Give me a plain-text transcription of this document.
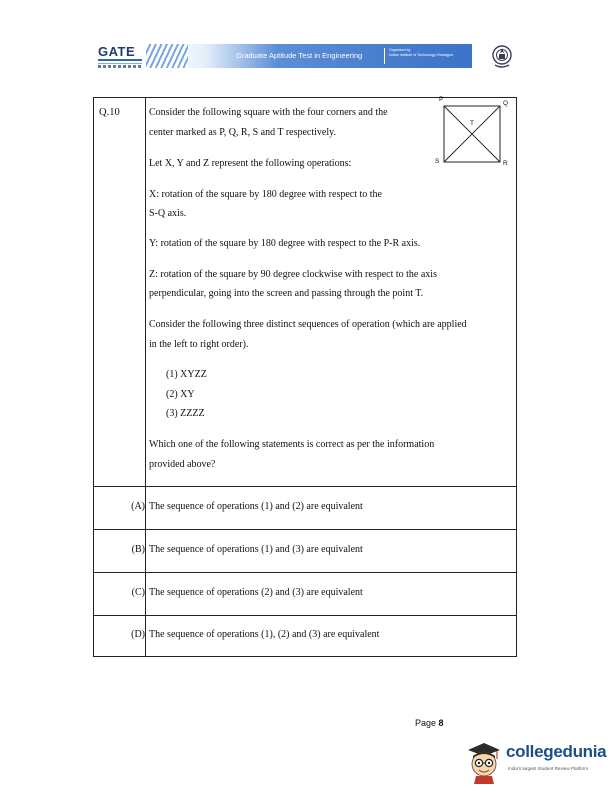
GATE	Graduate Aptitude Test in Engineering
Organised by
Indian Institute of Technology Kharagpur
Q.10	Consider the following square with the four corners and the
center marked as P, Q, R, S and T respectively.
Let X, Y and Z represent the following operations:
X: rotation of the square by 180 degree with respect to the
S-Q axis.
Y: rotation of the square by 180 degree with respect to the P-R axis.
Z: rotation of the square by 90 degree clockwise with respect to the axis
perpendicular, going into the screen and passing through the point T.
Consider the following three distinct sequences of operation (which are applied
in the left to right order).
(1) XYZZ
(2) XY
(3) ZZZZ
Which one of the following statements is correct as per the information
provided above?
(A) The sequence of operations (1) and (2) are equivalent
(B) The sequence of operations (1) and (3) are equivalent
(C) The sequence of operations (2) and (3) are equivalent
(D) The sequence of operations (1), (2) and (3) are equivalent
P
Q
R
S
T
Page 8
collegedunia
India's largest Student Review Platform
